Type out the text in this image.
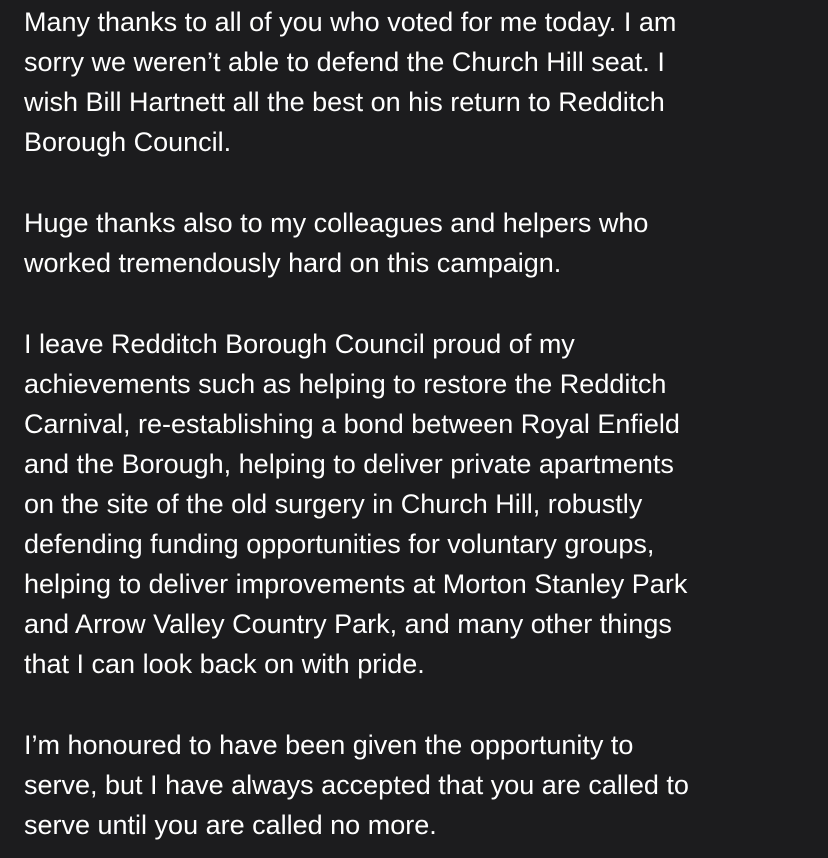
Many thanks to all of you who voted for me today. I am
sorry we weren’t able to defend the Church Hill seat. I
wish Bill Hartnett all the best on his return to Redditch
Borough Council.

Huge thanks also to my colleagues and helpers who
worked tremendously hard on this campaign.

I leave Redditch Borough Council proud of my
achievements such as helping to restore the Redditch
Carnival, re-establishing a bond between Royal Enfield
and the Borough, helping to deliver private apartments
on the site of the old surgery in Church Hill, robustly
defending funding opportunities for voluntary groups,
helping to deliver improvements at Morton Stanley Park
and Arrow Valley Country Park, and many other things
that I can look back on with pride.

I’m honoured to have been given the opportunity to
serve, but I have always accepted that you are called to
serve until you are called no more.
